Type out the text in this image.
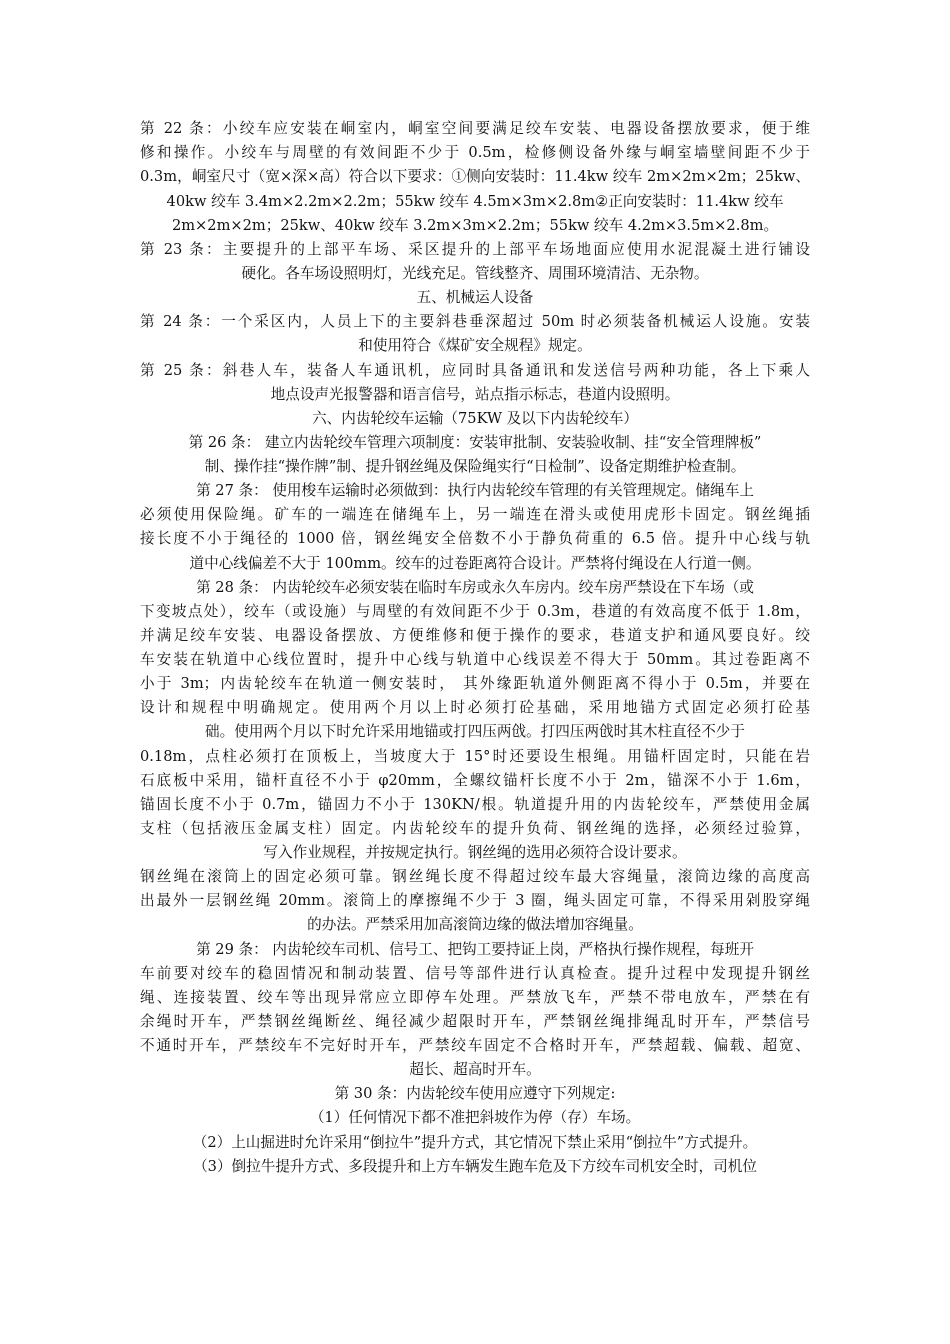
第 22 条：小绞车应安装在峒室内，峒室空间要满足绞车安装、电器设备摆放要求，便于维
修和操作。小绞车与周壁的有效间距不少于 0.5m，检修侧设备外缘与峒室墙壁间距不少于
0.3m，峒室尺寸（宽×深×高）符合以下要求：①侧向安装时：11.4kw 绞车 2m×2m×2m；25kw、
40kw 绞车 3.4m×2.2m×2.2m；55kw 绞车 4.5m×3m×2.8m②正向安装时：11.4kw 绞车
2m×2m×2m；25kw、40kw 绞车 3.2m×3m×2.2m；55kw 绞车 4.2m×3.5m×2.8m。
第 23 条：主要提升的上部平车场、采区提升的上部平车场地面应使用水泥混凝土进行铺设
硬化。各车场设照明灯，光线充足。管线整齐、周围环境清洁、无杂物。
五、机械运人设备
第 24 条：一个采区内，人员上下的主要斜巷垂深超过 50m 时必须装备机械运人设施。安装
和使用符合《煤矿安全规程》规定。
第 25 条：斜巷人车，装备人车通讯机，应同时具备通讯和发送信号两种功能，各上下乘人
地点设声光报警器和语言信号，站点指示标志，巷道内设照明。
六、内齿轮绞车运输（75KW 及以下内齿轮绞车）
第 26 条： 建立内齿轮绞车管理六项制度：安装审批制、安装验收制、挂“安全管理牌板”
制、操作挂“操作牌”制、提升钢丝绳及保险绳实行“日检制”、设备定期维护检查制。
第 27 条： 使用梭车运输时必须做到：执行内齿轮绞车管理的有关管理规定。储绳车上
必须使用保险绳。矿车的一端连在储绳车上，另一端连在滑头或使用虎形卡固定。钢丝绳插
接长度不小于绳径的 1000 倍，钢丝绳安全倍数不小于静负荷重的 6.5 倍。提升中心线与轨
道中心线偏差不大于 100mm。绞车的过卷距离符合设计。严禁将付绳设在人行道一侧。
第 28 条： 内齿轮绞车必须安装在临时车房或永久车房内。绞车房严禁设在下车场（或
下变坡点处），绞车（或设施）与周壁的有效间距不少于 0.3m，巷道的有效高度不低于 1.8m，
并满足绞车安装、电器设备摆放、方便维修和便于操作的要求，巷道支护和通风要良好。绞
车安装在轨道中心线位置时，提升中心线与轨道中心线误差不得大于 50mm。其过卷距离不
小于 3m；内齿轮绞车在轨道一侧安装时， 其外缘距轨道外侧距离不得小于 0.5m，并要在
设计和规程中明确规定。使用两个月以上时必须打砼基础，采用地锚方式固定必须打砼基
础。使用两个月以下时允许采用地锚或打四压两戗。打四压两戗时其木柱直径不少于
0.18m，点柱必须打在顶板上，当坡度大于 15°时还要设生根绳。用锚杆固定时，只能在岩
石底板中采用，锚杆直径不小于 φ20mm，全螺纹锚杆长度不小于 2m，锚深不小于 1.6m，
锚固长度不小于 0.7m，锚固力不小于 130KN/根。轨道提升用的内齿轮绞车，严禁使用金属
支柱（包括液压金属支柱）固定。内齿轮绞车的提升负荷、钢丝绳的选择，必须经过验算，
写入作业规程，并按规定执行。钢丝绳的选用必须符合设计要求。
钢丝绳在滚筒上的固定必须可靠。钢丝绳长度不得超过绞车最大容绳量，滚筒边缘的高度高
出最外一层钢丝绳 20mm。滚筒上的摩擦绳不少于 3 圈，绳头固定可靠，不得采用剁股穿绳
的办法。严禁采用加高滚筒边缘的做法增加容绳量。
第 29 条： 内齿轮绞车司机、信号工、把钩工要持证上岗，严格执行操作规程，每班开
车前要对绞车的稳固情况和制动装置、信号等部件进行认真检查。提升过程中发现提升钢丝
绳、连接装置、绞车等出现异常应立即停车处理。严禁放飞车，严禁不带电放车，严禁在有
余绳时开车，严禁钢丝绳断丝、绳径减少超限时开车，严禁钢丝绳排绳乱时开车，严禁信号
不通时开车，严禁绞车不完好时开车，严禁绞车固定不合格时开车，严禁超载、偏载、超宽、
超长、超高时开车。
第 30 条：内齿轮绞车使用应遵守下列规定:
（1）任何情况下都不准把斜坡作为停（存）车场。
（2）上山掘进时允许采用“倒拉牛”提升方式，其它情况下禁止采用“倒拉牛”方式提升。
（3）倒拉牛提升方式、多段提升和上方车辆发生跑车危及下方绞车司机安全时，司机位
